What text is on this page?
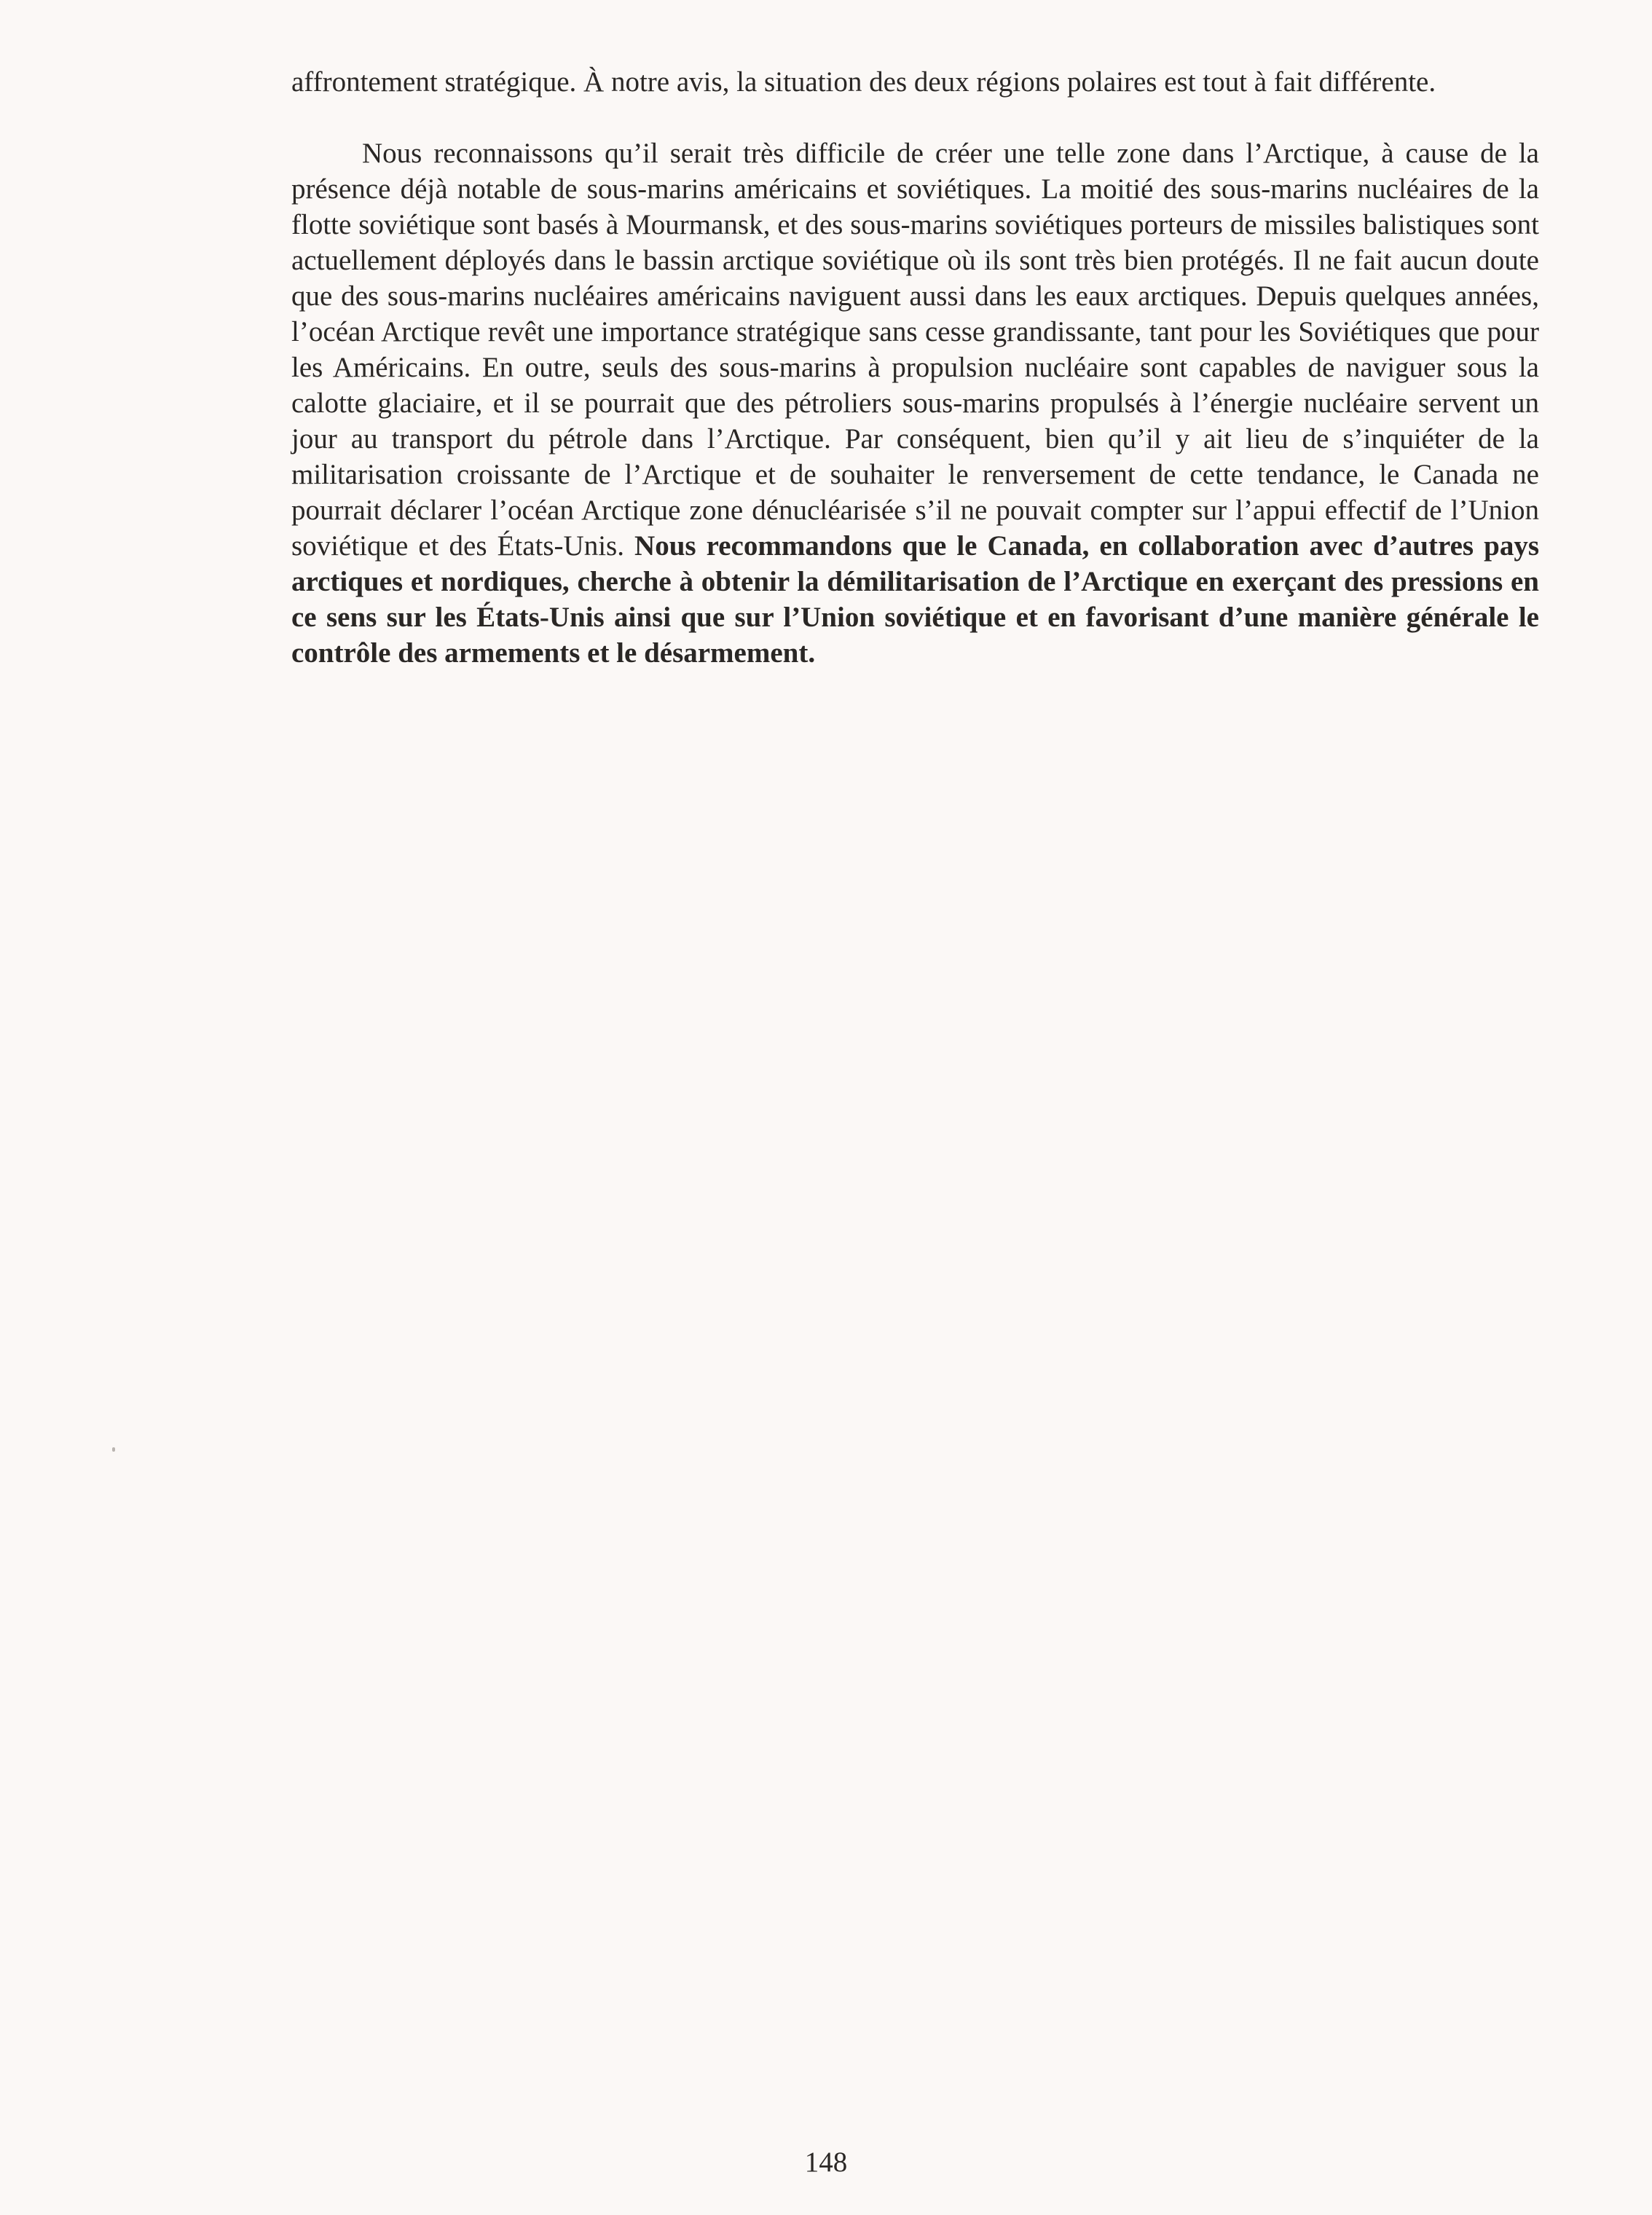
affrontement stratégique. À notre avis, la situation des deux régions polaires est tout à fait différente.

Nous reconnaissons qu’il serait très difficile de créer une telle zone dans l’Arctique, à cause de la présence déjà notable de sous-marins américains et soviétiques. La moitié des sous-marins nucléaires de la flotte soviétique sont basés à Mourmansk, et des sous-marins soviétiques porteurs de missiles balistiques sont actuellement déployés dans le bassin arctique soviétique où ils sont très bien protégés. Il ne fait aucun doute que des sous-marins nucléaires américains naviguent aussi dans les eaux arctiques. Depuis quelques années, l’océan Arctique revêt une importance stratégique sans cesse grandissante, tant pour les Soviétiques que pour les Américains. En outre, seuls des sous-marins à propulsion nucléaire sont capables de naviguer sous la calotte glaciaire, et il se pourrait que des pétroliers sous-marins propulsés à l’énergie nucléaire servent un jour au transport du pétrole dans l’Arctique. Par conséquent, bien qu’il y ait lieu de s’inquiéter de la militarisation croissante de l’Arctique et de souhaiter le renversement de cette tendance, le Canada ne pourrait déclarer l’océan Arctique zone dénucléarisée s’il ne pouvait compter sur l’appui effectif de l’Union soviétique et des États-Unis. Nous recommandons que le Canada, en collaboration avec d’autres pays arctiques et nordiques, cherche à obtenir la démilitarisation de l’Arctique en exerçant des pressions en ce sens sur les États-Unis ainsi que sur l’Union soviétique et en favorisant d’une manière générale le contrôle des armements et le désarmement.

148
